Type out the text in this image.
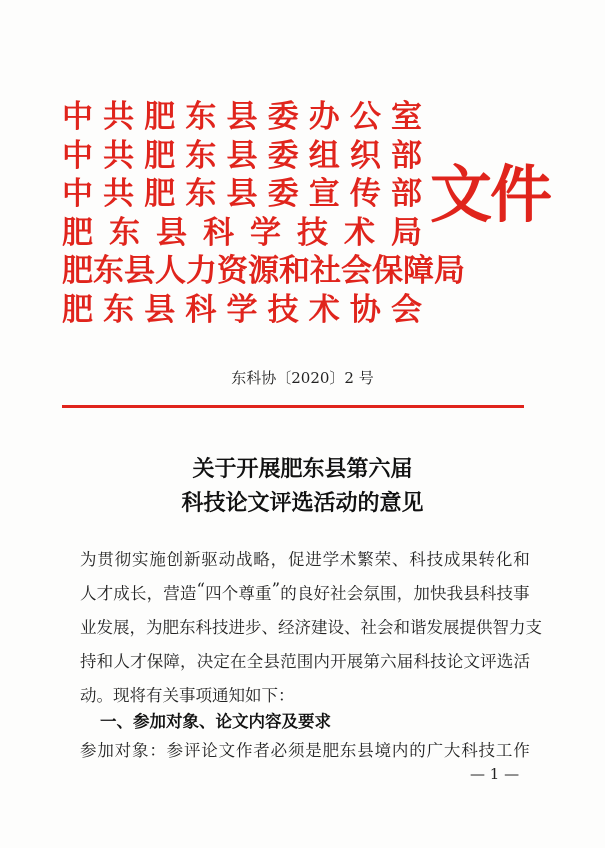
中 共 肥 东 县 委 办 公 室
中 共 肥 东 县 委 组 织 部
中 共 肥 东 县 委 宣 传 部
肥 东 县 科 学 技 术 局
肥 东 县 人 力 资 源 和 社 会 保 障 局
肥 东 县 科 学 技 术 协 会
文件
东科协〔2020〕2 号
关于开展肥东县第六届
科技论文评选活动的意见
为 贯 彻 实 施 创 新 驱 动 战 略 ， 促 进 学 术 繁 荣 、 科 技 成 果 转 化 和
人 才 成 长 ， 营 造 “ 四 个 尊 重 ” 的 良 好 社 会 氛 围 ， 加 快 我 县 科 技 事
业 发 展 ， 为 肥 东 科 技 进 步 、 经 济 建 设 、 社 会 和 谐 发 展 提 供 智 力 支
持 和 人 才 保 障 ， 决 定 在 全 县 范 围 内 开 展 第 六 届 科 技 论 文 评 选 活
动。现将有关事项通知如下：
一、参加对象、论文内容及要求
参 加 对 象 ： 参 评 论 文 作 者 必 须 是 肥 东 县 境 内 的 广 大 科 技 工 作
— 1 —
